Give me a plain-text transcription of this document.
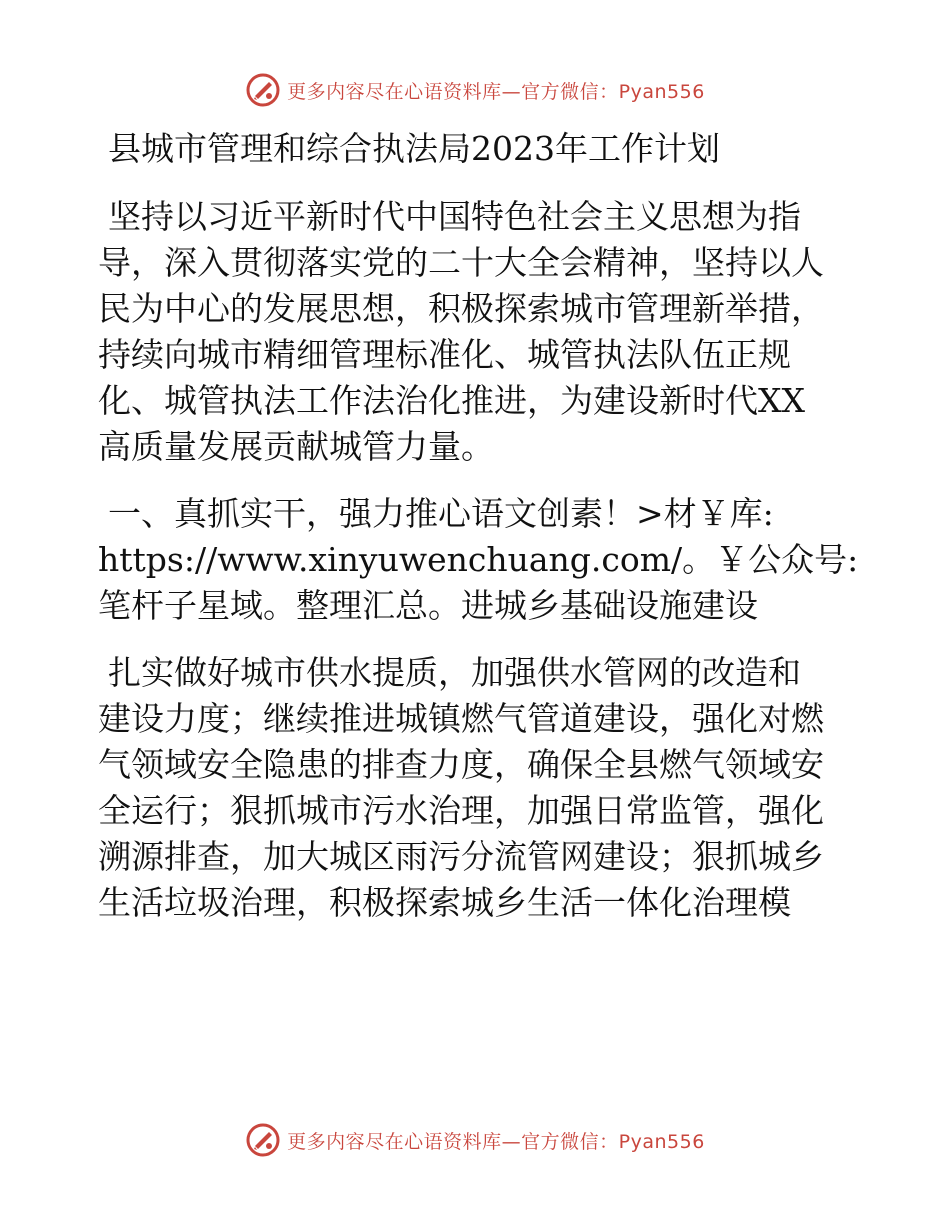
更多内容尽在心语资料库—官方微信：Pyan556
县城市管理和综合执法局2023年工作计划

坚持以习近平新时代中国特色社会主义思想为指
导，深入贯彻落实党的二十大全会精神，坚持以人
民为中心的发展思想，积极探索城市管理新举措，
持续向城市精细管理标准化、城管执法队伍正规
化、城管执法工作法治化推进，为建设新时代XX
高质量发展贡献城管力量。

一、真抓实干，强力推心语文创素！>材￥库:
https://www.xinyuwenchuang.com/。￥公众号:
笔杆子星域。整理汇总。进城乡基础设施建设

扎实做好城市供水提质，加强供水管网的改造和
建设力度；继续推进城镇燃气管道建设，强化对燃
气领域安全隐患的排查力度，确保全县燃气领域安
全运行；狠抓城市污水治理，加强日常监管，强化
溯源排查，加大城区雨污分流管网建设；狠抓城乡
生活垃圾治理，积极探索城乡生活一体化治理模

更多内容尽在心语资料库—官方微信：Pyan556
